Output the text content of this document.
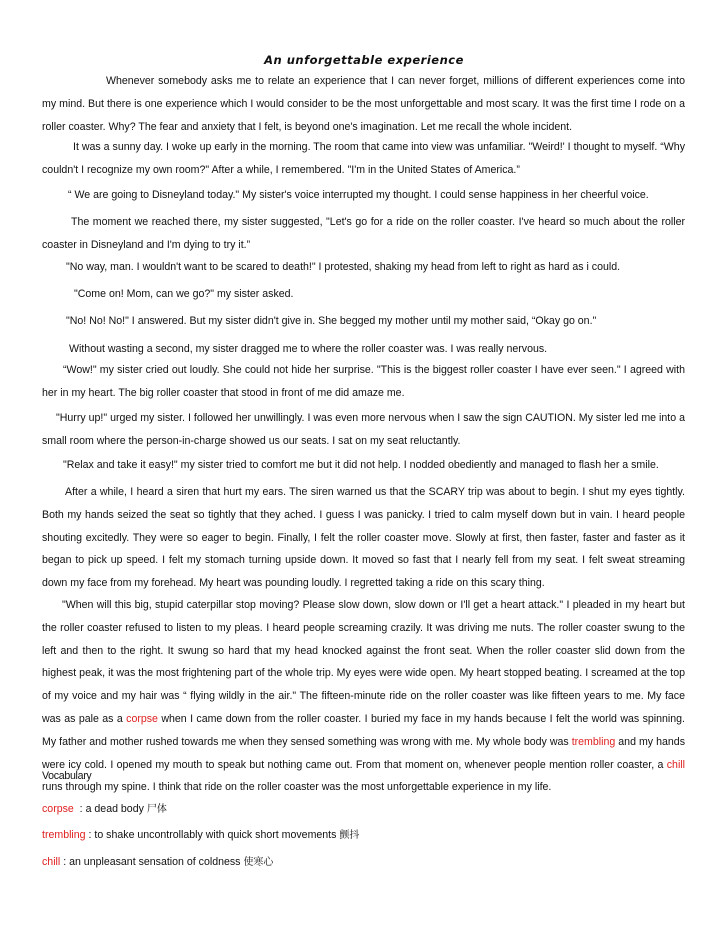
An unforgettable experience

Whenever somebody asks me to relate an experience that I can never forget, millions of different experiences come into my mind. But there is one experience which I would consider to be the most unforgettable and most scary. It was the first time I rode on a roller coaster. Why? The fear and anxiety that I felt, is beyond one's imagination. Let me recall the whole incident.

It was a sunny day. I woke up early in the morning. The room that came into view was unfamiliar. "Weird!' I thought to myself. “Why couldn't I recognize my own room?" After a while, I remembered. "I'm in the United States of America.”

“ We are going to Disneyland today." My sister's voice interrupted my thought. I could sense happiness in her cheerful voice.

The moment we reached there, my sister suggested, "Let's go for a ride on the roller coaster. I've heard so much about the roller coaster in Disneyland and I'm dying to try it.”

"No way, man. I wouldn't want to be scared to death!" I protested, shaking my head from left to right as hard as i could.

"Come on! Mom, can we go?" my sister asked.

"No! No! No!" I answered. But my sister didn't give in. She begged my mother until my mother said, “Okay go on."

Without wasting a second, my sister dragged me to where the roller coaster was. I was really nervous.

“Wow!" my sister cried out loudly. She could not hide her surprise. "This is the biggest roller coaster I have ever seen." I agreed with her in my heart. The big roller coaster that stood in front of me did amaze me.

"Hurry up!" urged my sister. I followed her unwillingly. I was even more nervous when I saw the sign CAUTION. My sister led me into a small room where the person-in-charge showed us our seats. I sat on my seat reluctantly.

"Relax and take it easy!" my sister tried to comfort me but it did not help. I nodded obediently and managed to flash her a smile.

After a while, I heard a siren that hurt my ears. The siren warned us that the SCARY trip was about to begin. I shut my eyes tightly. Both my hands seized the seat so tightly that they ached. I guess I was panicky. I tried to calm myself down but in vain. I heard people shouting excitedly. They were so eager to begin. Finally, I felt the roller coaster move. Slowly at first, then faster, faster and faster as it began to pick up speed. I felt my stomach turning upside down. It moved so fast that I nearly fell from my seat. I felt sweat streaming down my face from my forehead. My heart was pounding loudly. I regretted taking a ride on this scary thing.

"When will this big, stupid caterpillar stop moving? Please slow down, slow down or I'll get a heart attack." I pleaded in my heart but the roller coaster refused to listen to my pleas. I heard people screaming crazily. It was driving me nuts. The roller coaster swung to the left and then to the right. It swung so hard that my head knocked against the front seat. When the roller coaster slid down from the highest peak, it was the most frightening part of the whole trip. My eyes were wide open. My heart stopped beating. I screamed at the top of my voice and my hair was “ flying wildly in the air." The fifteen-minute ride on the roller coaster was like fifteen years to me. My face was as pale as a corpse when I came down from the roller coaster. I buried my face in my hands because I felt the world was spinning. My father and mother rushed towards me when they sensed something was wrong with me. My whole body was trembling and my hands were icy cold. I opened my mouth to speak but nothing came out. From that moment on, whenever people mention roller coaster, a chill runs through my spine. I think that ride on the roller coaster was the most unforgettable experience in my life.

Vocabulary
corpse  : a dead body 尸体
trembling : to shake uncontrollably with quick short movements 颤抖
chill : an unpleasant sensation of coldness 使寒心
